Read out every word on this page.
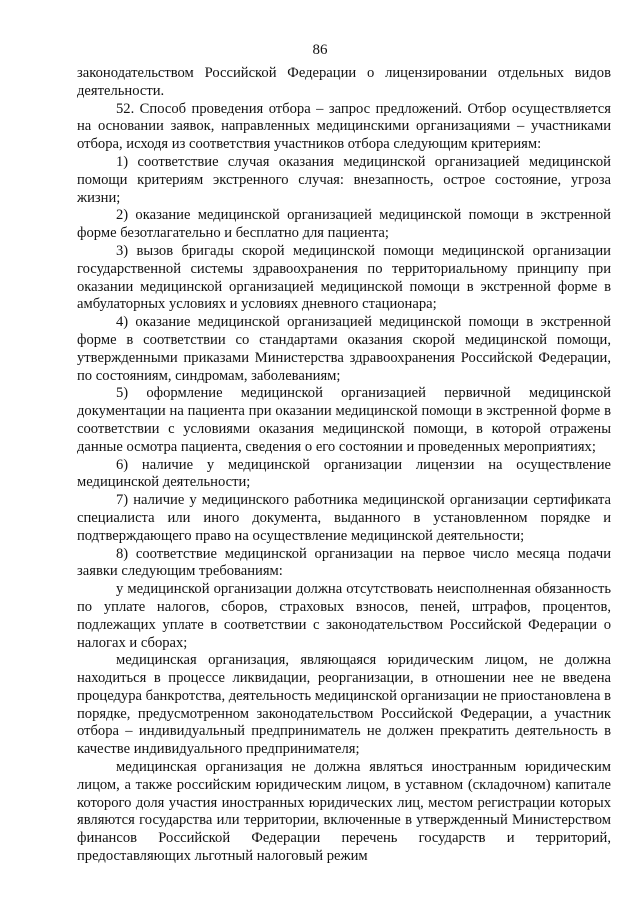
86

законодательством Российской Федерации о лицензировании отдельных видов деятельности.

52. Способ проведения отбора – запрос предложений. Отбор осуществляется на основании заявок, направленных медицинскими организациями – участниками отбора, исходя из соответствия участников отбора следующим критериям:

1) соответствие случая оказания медицинской организацией медицинской помощи критериям экстренного случая: внезапность, острое состояние, угроза жизни;

2) оказание медицинской организацией медицинской помощи в экстренной форме безотлагательно и бесплатно для пациента;

3) вызов бригады скорой медицинской помощи медицинской организации государственной системы здравоохранения по территориальному принципу при оказании медицинской организацией медицинской помощи в экстренной форме в амбулаторных условиях и условиях дневного стационара;

4) оказание медицинской организацией медицинской помощи в экстренной форме в соответствии со стандартами оказания скорой медицинской помощи, утвержденными приказами Министерства здравоохранения Российской Федерации, по состояниям, синдромам, заболеваниям;

5) оформление медицинской организацией первичной медицинской документации на пациента при оказании медицинской помощи в экстренной форме в соответствии с условиями оказания медицинской помощи, в которой отражены данные осмотра пациента, сведения о его состоянии и проведенных мероприятиях;

6) наличие у медицинской организации лицензии на осуществление медицинской деятельности;

7) наличие у медицинского работника медицинской организации сертификата специалиста или иного документа, выданного в установленном порядке и подтверждающего право на осуществление медицинской деятельности;

8) соответствие медицинской организации на первое число месяца подачи заявки следующим требованиям:

у медицинской организации должна отсутствовать неисполненная обязанность по уплате налогов, сборов, страховых взносов, пеней, штрафов, процентов, подлежащих уплате в соответствии с законодательством Российской Федерации о налогах и сборах;

медицинская организация, являющаяся юридическим лицом, не должна находиться в процессе ликвидации, реорганизации, в отношении нее не введена процедура банкротства, деятельность медицинской организации не приостановлена в порядке, предусмотренном законодательством Российской Федерации, а участник отбора – индивидуальный предприниматель не должен прекратить деятельность в качестве индивидуального предпринимателя;

медицинская организация не должна являться иностранным юридическим лицом, а также российским юридическим лицом, в уставном (складочном) капитале которого доля участия иностранных юридических лиц, местом регистрации которых являются государства или территории, включенные в утвержденный Министерством финансов Российской Федерации перечень государств и территорий, предоставляющих льготный налоговый режим
